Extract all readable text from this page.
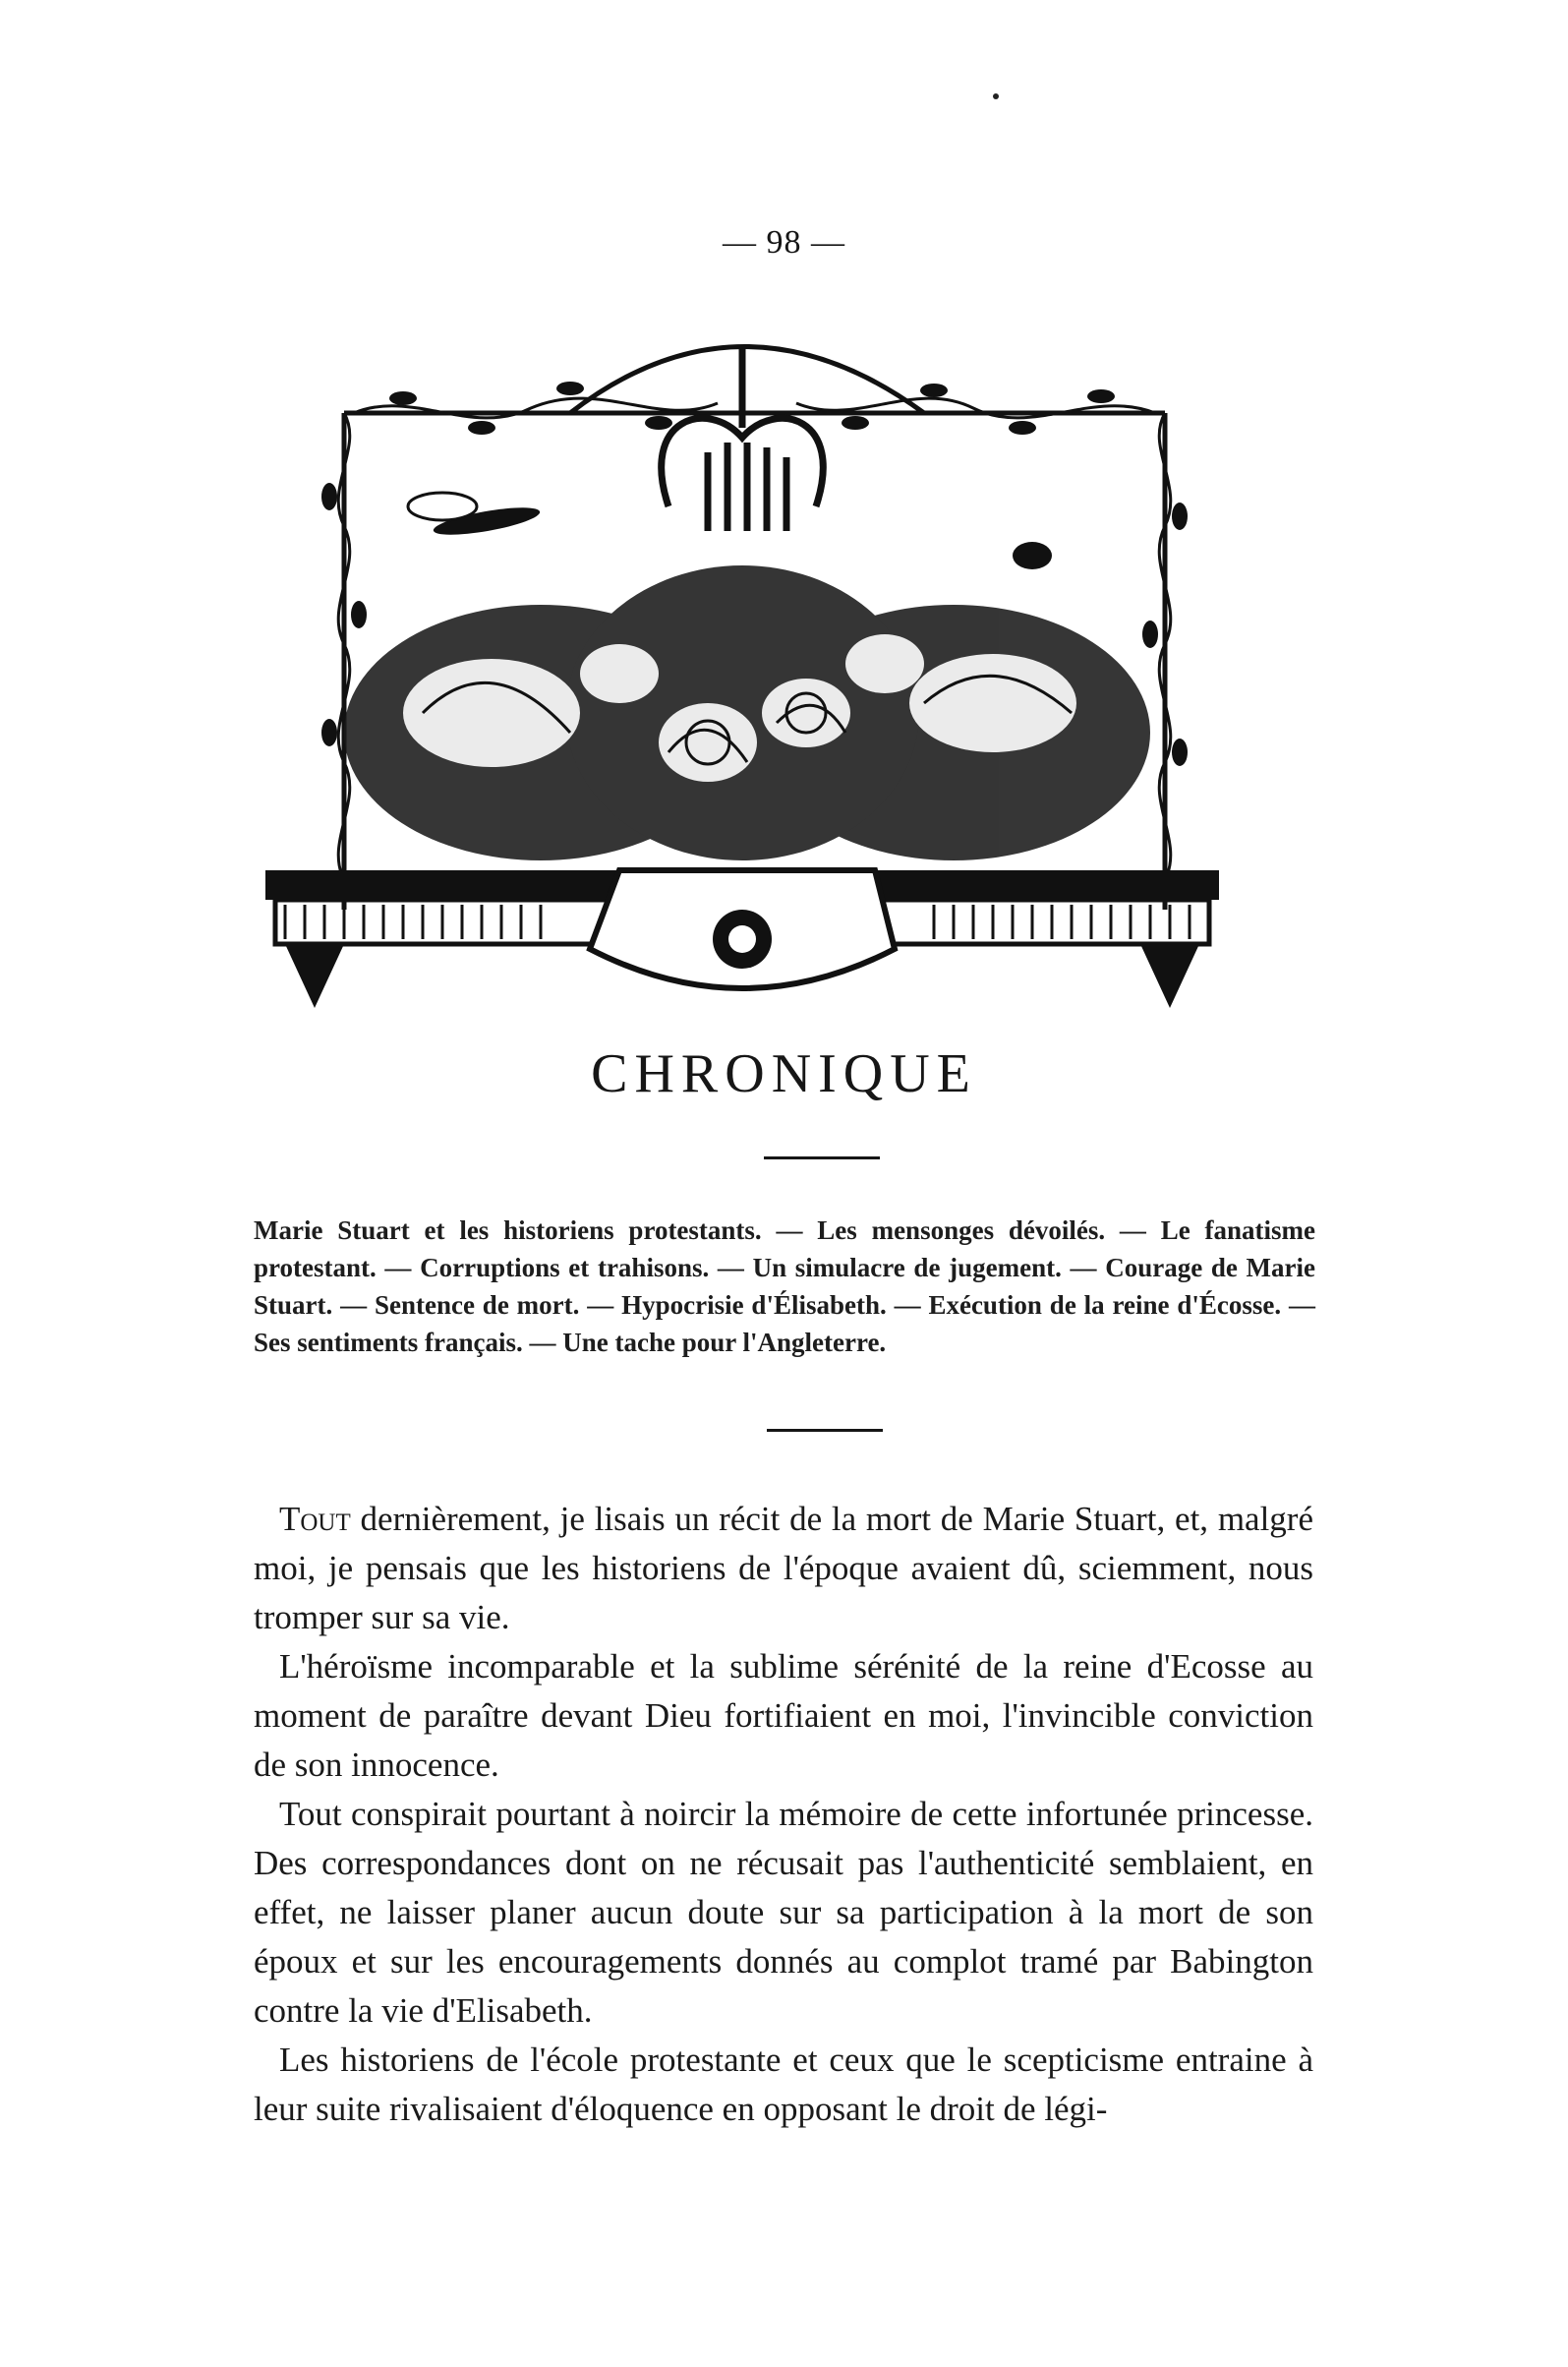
— 98 —
CHRONIQUE
Marie Stuart et les historiens protestants. — Les mensonges dévoilés. — Le fanatisme protestant. — Corruptions et trahisons. — Un simulacre de jugement. — Courage de Marie Stuart. — Sentence de mort. — Hypocrisie d'Élisabeth. — Exécution de la reine d'Écosse. — Ses sentiments français. — Une tache pour l'Angleterre.

Tout dernièrement, je lisais un récit de la mort de Marie Stuart, et, malgré moi, je pensais que les historiens de l'époque avaient dû, sciemment, nous tromper sur sa vie.

L'héroïsme incomparable et la sublime sérénité de la reine d'Ecosse au moment de paraître devant Dieu fortifiaient en moi, l'invincible conviction de son innocence.

Tout conspirait pourtant à noircir la mémoire de cette infortunée princesse. Des correspondances dont on ne récusait pas l'authenticité semblaient, en effet, ne laisser planer aucun doute sur sa participation à la mort de son époux et sur les encouragements donnés au complot tramé par Babington contre la vie d'Elisabeth.

Les historiens de l'école protestante et ceux que le scepticisme entraine à leur suite rivalisaient d'éloquence en opposant le droit de légi-
